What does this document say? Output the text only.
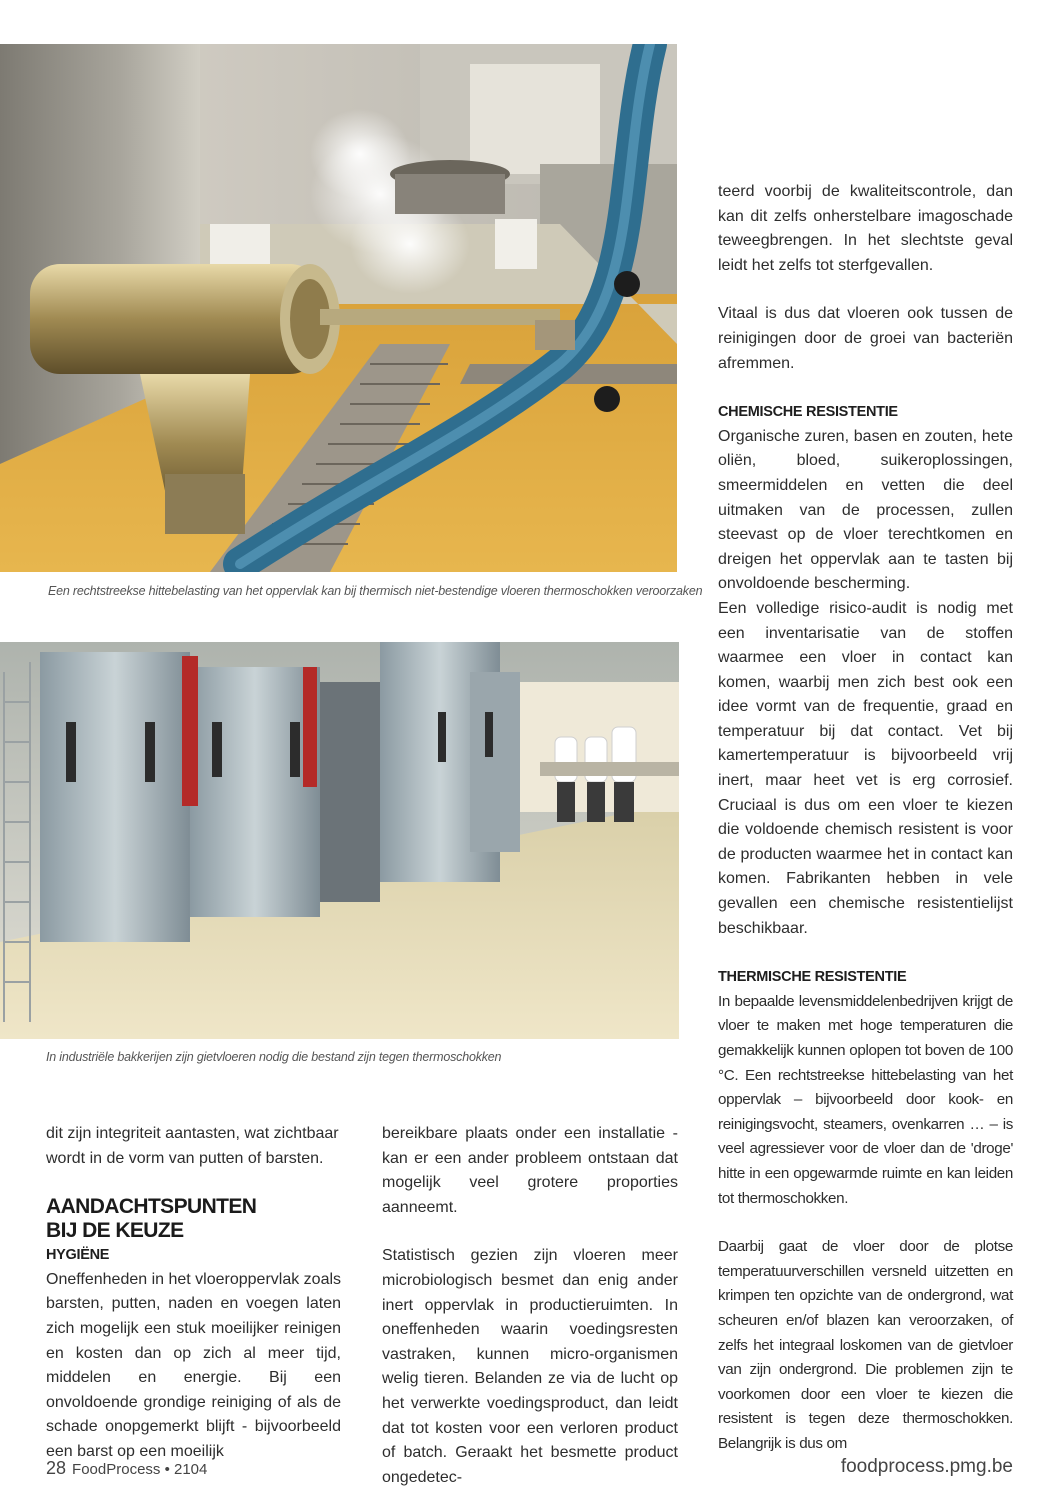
Een rechtstreekse hittebelasting van het oppervlak kan bij thermisch niet-bestendige vloeren thermoschokken veroorzaken
In industriële bakkerijen zijn gietvloeren nodig die bestand zijn tegen thermoschokken

dit zijn integriteit aantasten, wat zichtbaar wordt in de vorm van putten of barsten.

AANDACHTSPUNTEN
BIJ DE KEUZE
HYGIËNE

Oneffenheden in het vloeroppervlak zoals barsten, putten, naden en voegen laten zich mogelijk een stuk moeilijker reinigen en kosten dan op zich al meer tijd, middelen en energie. Bij een onvoldoende grondige reiniging of als de schade onopgemerkt blijft - bijvoorbeeld een barst op een moeilijk

bereikbare plaats onder een installatie - kan er een ander probleem ontstaan dat mogelijk veel grotere proporties aanneemt.

Statistisch gezien zijn vloeren meer microbiologisch besmet dan enig ander inert oppervlak in productieruimten. In oneffenheden waarin voedingsresten vastraken, kunnen micro-organismen welig tieren. Belanden ze via de lucht op het verwerkte voedingsproduct, dan leidt dat tot kosten voor een verloren product of batch. Geraakt het besmette product ongedetec-

teerd voorbij de kwaliteitscontrole, dan kan dit zelfs onherstelbare imagoschade teweegbrengen. In het slechtste geval leidt het zelfs tot sterfgevallen.

Vitaal is dus dat vloeren ook tussen de reinigingen door de groei van bacteriën afremmen.

CHEMISCHE RESISTENTIE

Organische zuren, basen en zouten, hete oliën, bloed, suikeroplossingen, smeermiddelen en vetten die deel uitmaken van de processen, zullen steevast op de vloer terechtkomen en dreigen het oppervlak aan te tasten bij onvoldoende bescherming.

Een volledige risico-audit is nodig met een inventarisatie van de stoffen waarmee een vloer in contact kan komen, waarbij men zich best ook een idee vormt van de frequentie, graad en temperatuur bij dat contact. Vet bij kamertemperatuur is bijvoorbeeld vrij inert, maar heet vet is erg corrosief. Cruciaal is dus om een vloer te kiezen die voldoende chemisch resistent is voor de producten waarmee het in contact kan komen. Fabrikanten hebben in vele gevallen een chemische resistentielijst beschikbaar.

THERMISCHE RESISTENTIE

In bepaalde levensmiddelenbedrijven krijgt de vloer te maken met hoge temperaturen die gemakkelijk kunnen oplopen tot boven de 100 °C. Een rechtstreekse hittebelasting van het oppervlak – bijvoorbeeld door kook- en reinigingsvocht, steamers, ovenkarren … – is veel agressiever voor de vloer dan de 'droge' hitte in een opgewarmde ruimte en kan leiden tot thermoschokken.

Daarbij gaat de vloer door de plotse temperatuurverschillen versneld uitzetten en krimpen ten opzichte van de ondergrond, wat scheuren en/of blazen kan veroorzaken, of zelfs het integraal loskomen van de gietvloer van zijn ondergrond. Die problemen zijn te voorkomen door een vloer te kiezen die resistent is tegen deze thermoschokken. Belangrijk is dus om

28 FoodProcess • 2104	foodprocess.pmg.be
